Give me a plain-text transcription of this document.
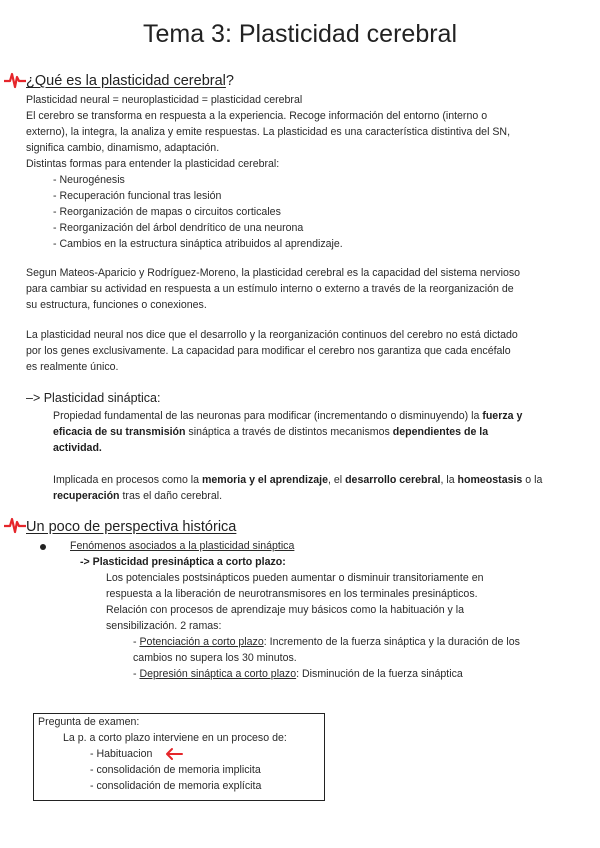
Tema 3: Plasticidad cerebral
¿Qué es la plasticidad cerebral?

Plasticidad neural = neuroplasticidad = plasticidad cerebral

El cerebro se transforma en respuesta a la experiencia. Recoge información del entorno (interno o

externo), la integra, la analiza y emite respuestas. La plasticidad es una característica distintiva del SN,

significa cambio, dinamismo, adaptación.

Distintas formas para entender la plasticidad cerebral:

- Neurogénesis
- Recuperación funcional tras lesión
- Reorganización de mapas o circuitos corticales
- Reorganización del árbol dendrítico de una neurona
- Cambios en la estructura sináptica atribuidos al aprendizaje.

Segun Mateos-Aparicio y Rodríguez-Moreno, la plasticidad cerebral es la capacidad del sistema nervioso

para cambiar su actividad en respuesta a un estímulo interno o externo a través de la reorganización de

su estructura, funciones o conexiones.

La plasticidad neural nos dice que el desarrollo y la reorganización continuos del cerebro no está dictado

por los genes exclusivamente. La capacidad para modificar el cerebro nos garantiza que cada encéfalo

es realmente único.

–> Plasticidad sináptica:
Propiedad fundamental de las neuronas para modificar (incrementando o disminuyendo) la fuerza y
eficacia de su transmisión sináptica a través de distintos mecanismos dependientes de la
actividad.
Implicada en procesos como la memoria y el aprendizaje, el desarrollo cerebral, la homeostasis o la
recuperación tras el daño cerebral.
Un poco de perspectiva histórica
Fenómenos asociados a la plasticidad sináptica
-> Plasticidad presináptica a corto plazo:
Los potenciales postsinápticos pueden aumentar o disminuir transitoriamente en
respuesta a la liberación de neurotransmisores en los terminales presinápticos.
Relación con procesos de aprendizaje muy básicos como la habituación y la
sensibilización. 2 ramas:
- Potenciación a corto plazo: Incremento de la fuerza sináptica y la duración de los
cambios no supera los 30 minutos.
- Depresión sináptica a corto plazo: Disminución de la fuerza sináptica
Pregunta de examen:
La p. a corto plazo interviene en un proceso de:
- Habituacion
- consolidación de memoria implicita
- consolidación de memoria explícita
